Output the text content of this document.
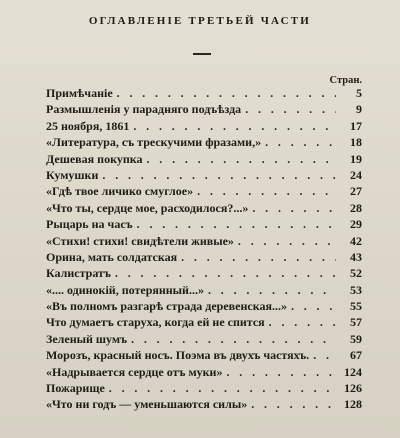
ОГЛАВЛЕНІЕ ТРЕТЬЕЙ ЧАСТИ
Стран.
Примѣчаніе . . .	5
Размышленія у парадняго подъѣзда . . .	9
25 ноября, 1861 . . .	17
«Литература, съ трескучими фразами,» . . .	18
Дешевая покупка . . .	19
Кумушки . . .	24
«Гдѣ твое личико смуглое» . . .	27
«Что ты, сердце мое, расходилося?...» . . .	28
Рыцарь на часъ . . .	29
«Стихи! стихи! свидѣтели живые» . . .	42
Орина, мать солдатская . . .	43
Калистратъ . . .	52
«.... одинокій, потерянный...» . . .	53
«Въ полномъ разгарѣ страда деревенская...» . . .	55
Что думаетъ старуха, когда ей не спится . . .	57
Зеленый шумъ . . .	59
Морозъ, красный носъ. Поэма въ двухъ частяхъ. . . .	67
«Надрывается сердце отъ муки» . . .	124
Пожарище . . .	126
«Что ни годъ — уменьшаются силы» . . .	128
